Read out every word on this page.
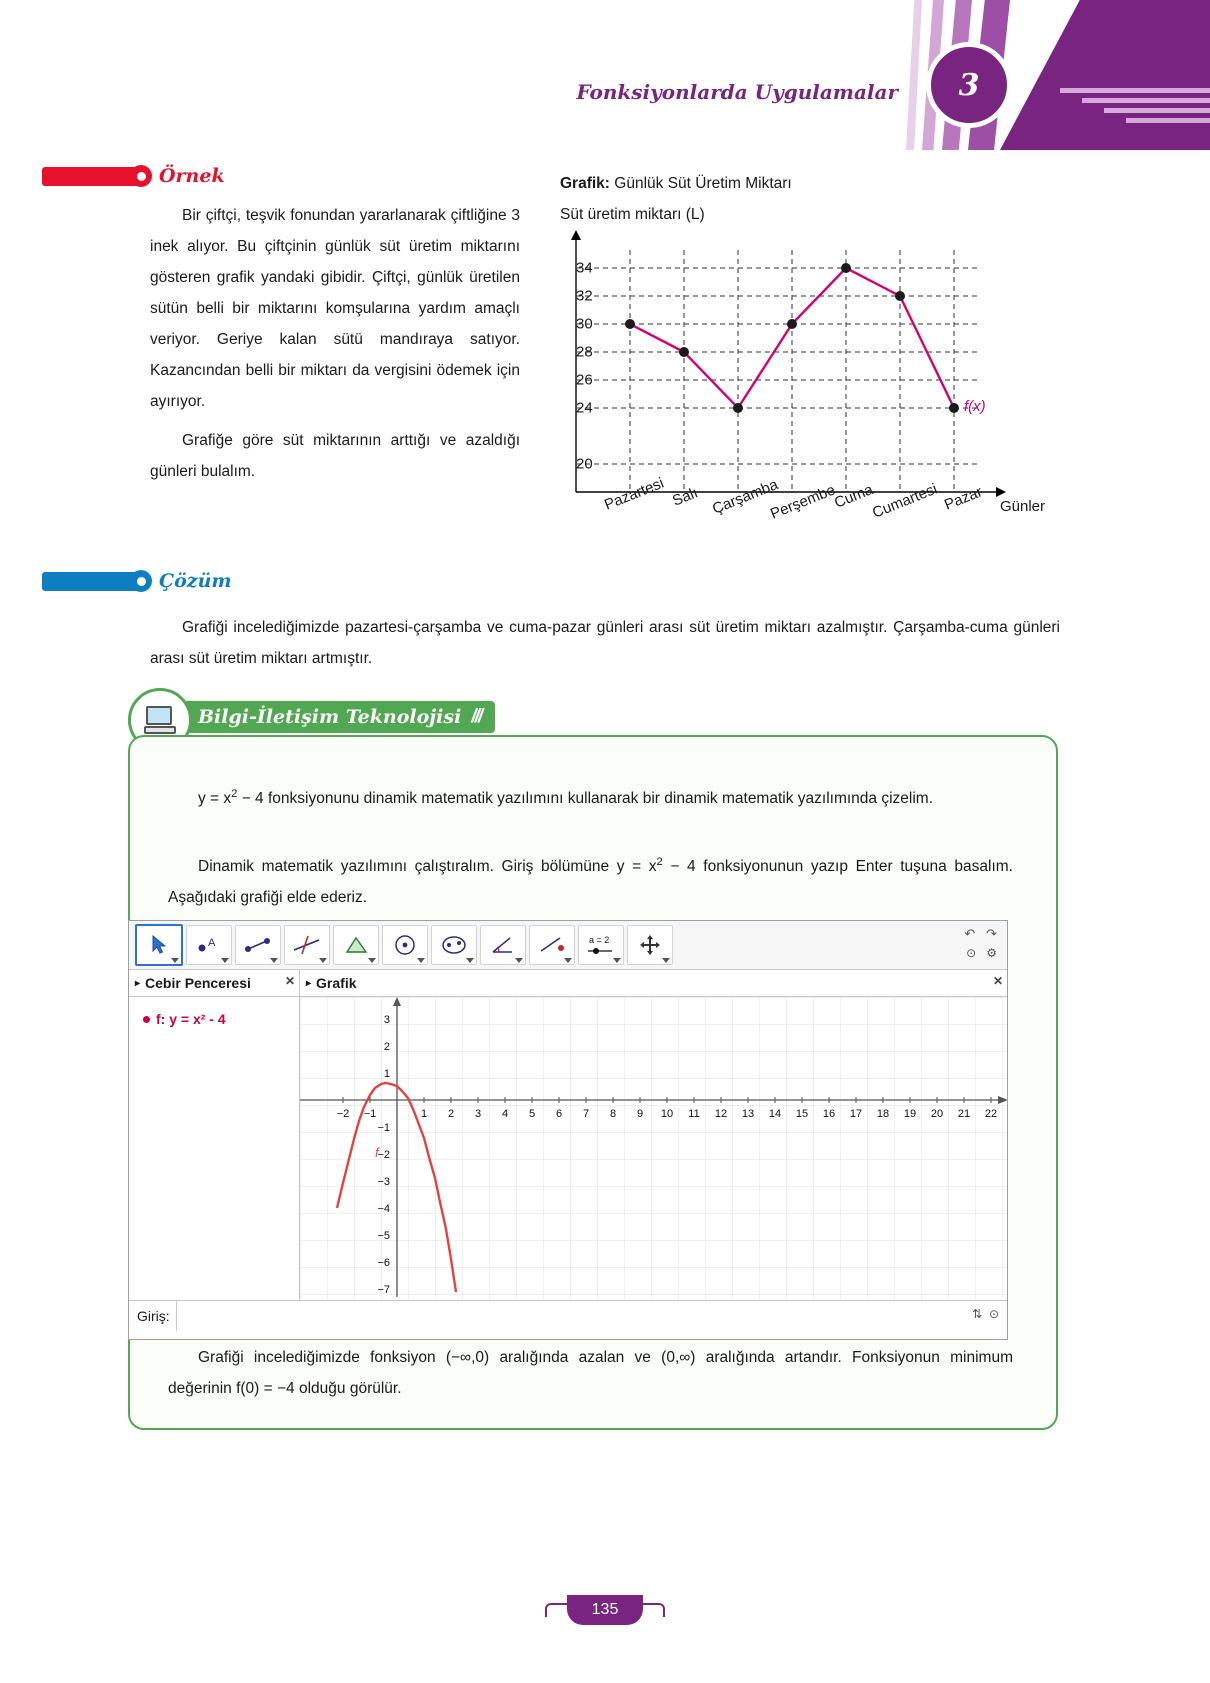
Fonksiyonlarda Uygulamalar	3
Örnek
Bir çiftçi, teşvik fonundan yararlanarak çiftliğine 3 inek alıyor. Bu çiftçinin günlük süt üretim miktarını gösteren grafik yandaki gibidir. Çiftçi, günlük üretilen sütün belli bir miktarını komşularına yardım amaçlı veriyor. Geriye kalan sütü mandıraya satıyor. Kazancından belli bir miktarı da vergisini ödemek için ayırıyor.
Grafiğe göre süt miktarının arttığı ve azaldığı günleri bulalım.
Grafik: Günlük Süt Üretim Miktarı
Süt üretim miktarı (L)
34
32
30
28
26
24
20
Pazartesi Salı Çarşamba
Perşembe
Cuma
Cumartesi Pazar Günler
f(x)
Çözüm
Grafiği incelediğimizde pazartesi-çarşamba ve cuma-pazar günleri arası süt üretim miktarı azalmıştır. Çarşamba-cuma günleri arası süt üretim miktarı artmıştır.
Bilgi-İletişim Teknolojisi ///
$y = x^2 - 4$ fonksiyonunu dinamik matematik yazılımını kullanarak bir dinamik matematik yazılımında çizelim.
Dinamik matematik yazılımını çalıştıralım. Giriş bölümüne $y = x^2 - 4$ fonksiyonunun yazıp Enter tuşuna basalım. Aşağıdaki grafiği elde ederiz.
Grafiği incelediğimizde fonksiyon (−∞,0) aralığında azalan ve (0,∞) aralığında artandır. Fonksiyonun minimum değerinin f(0) = −4 olduğu görülür.
A	a = 2	↶   ↷
⊙   ⚙
▸ Cebir Penceresi	✕
f: y = x² - 4
▸ Grafik	✕
f
−2 −1	1 2 3 4 5 6 7 8 9 10 11 12 13 14 15 16 17 18 19 20 21 22
3
2
1
−1
−2
−3
−4
−5
−6
−7
Giriş:	⇅  ⊙
135
